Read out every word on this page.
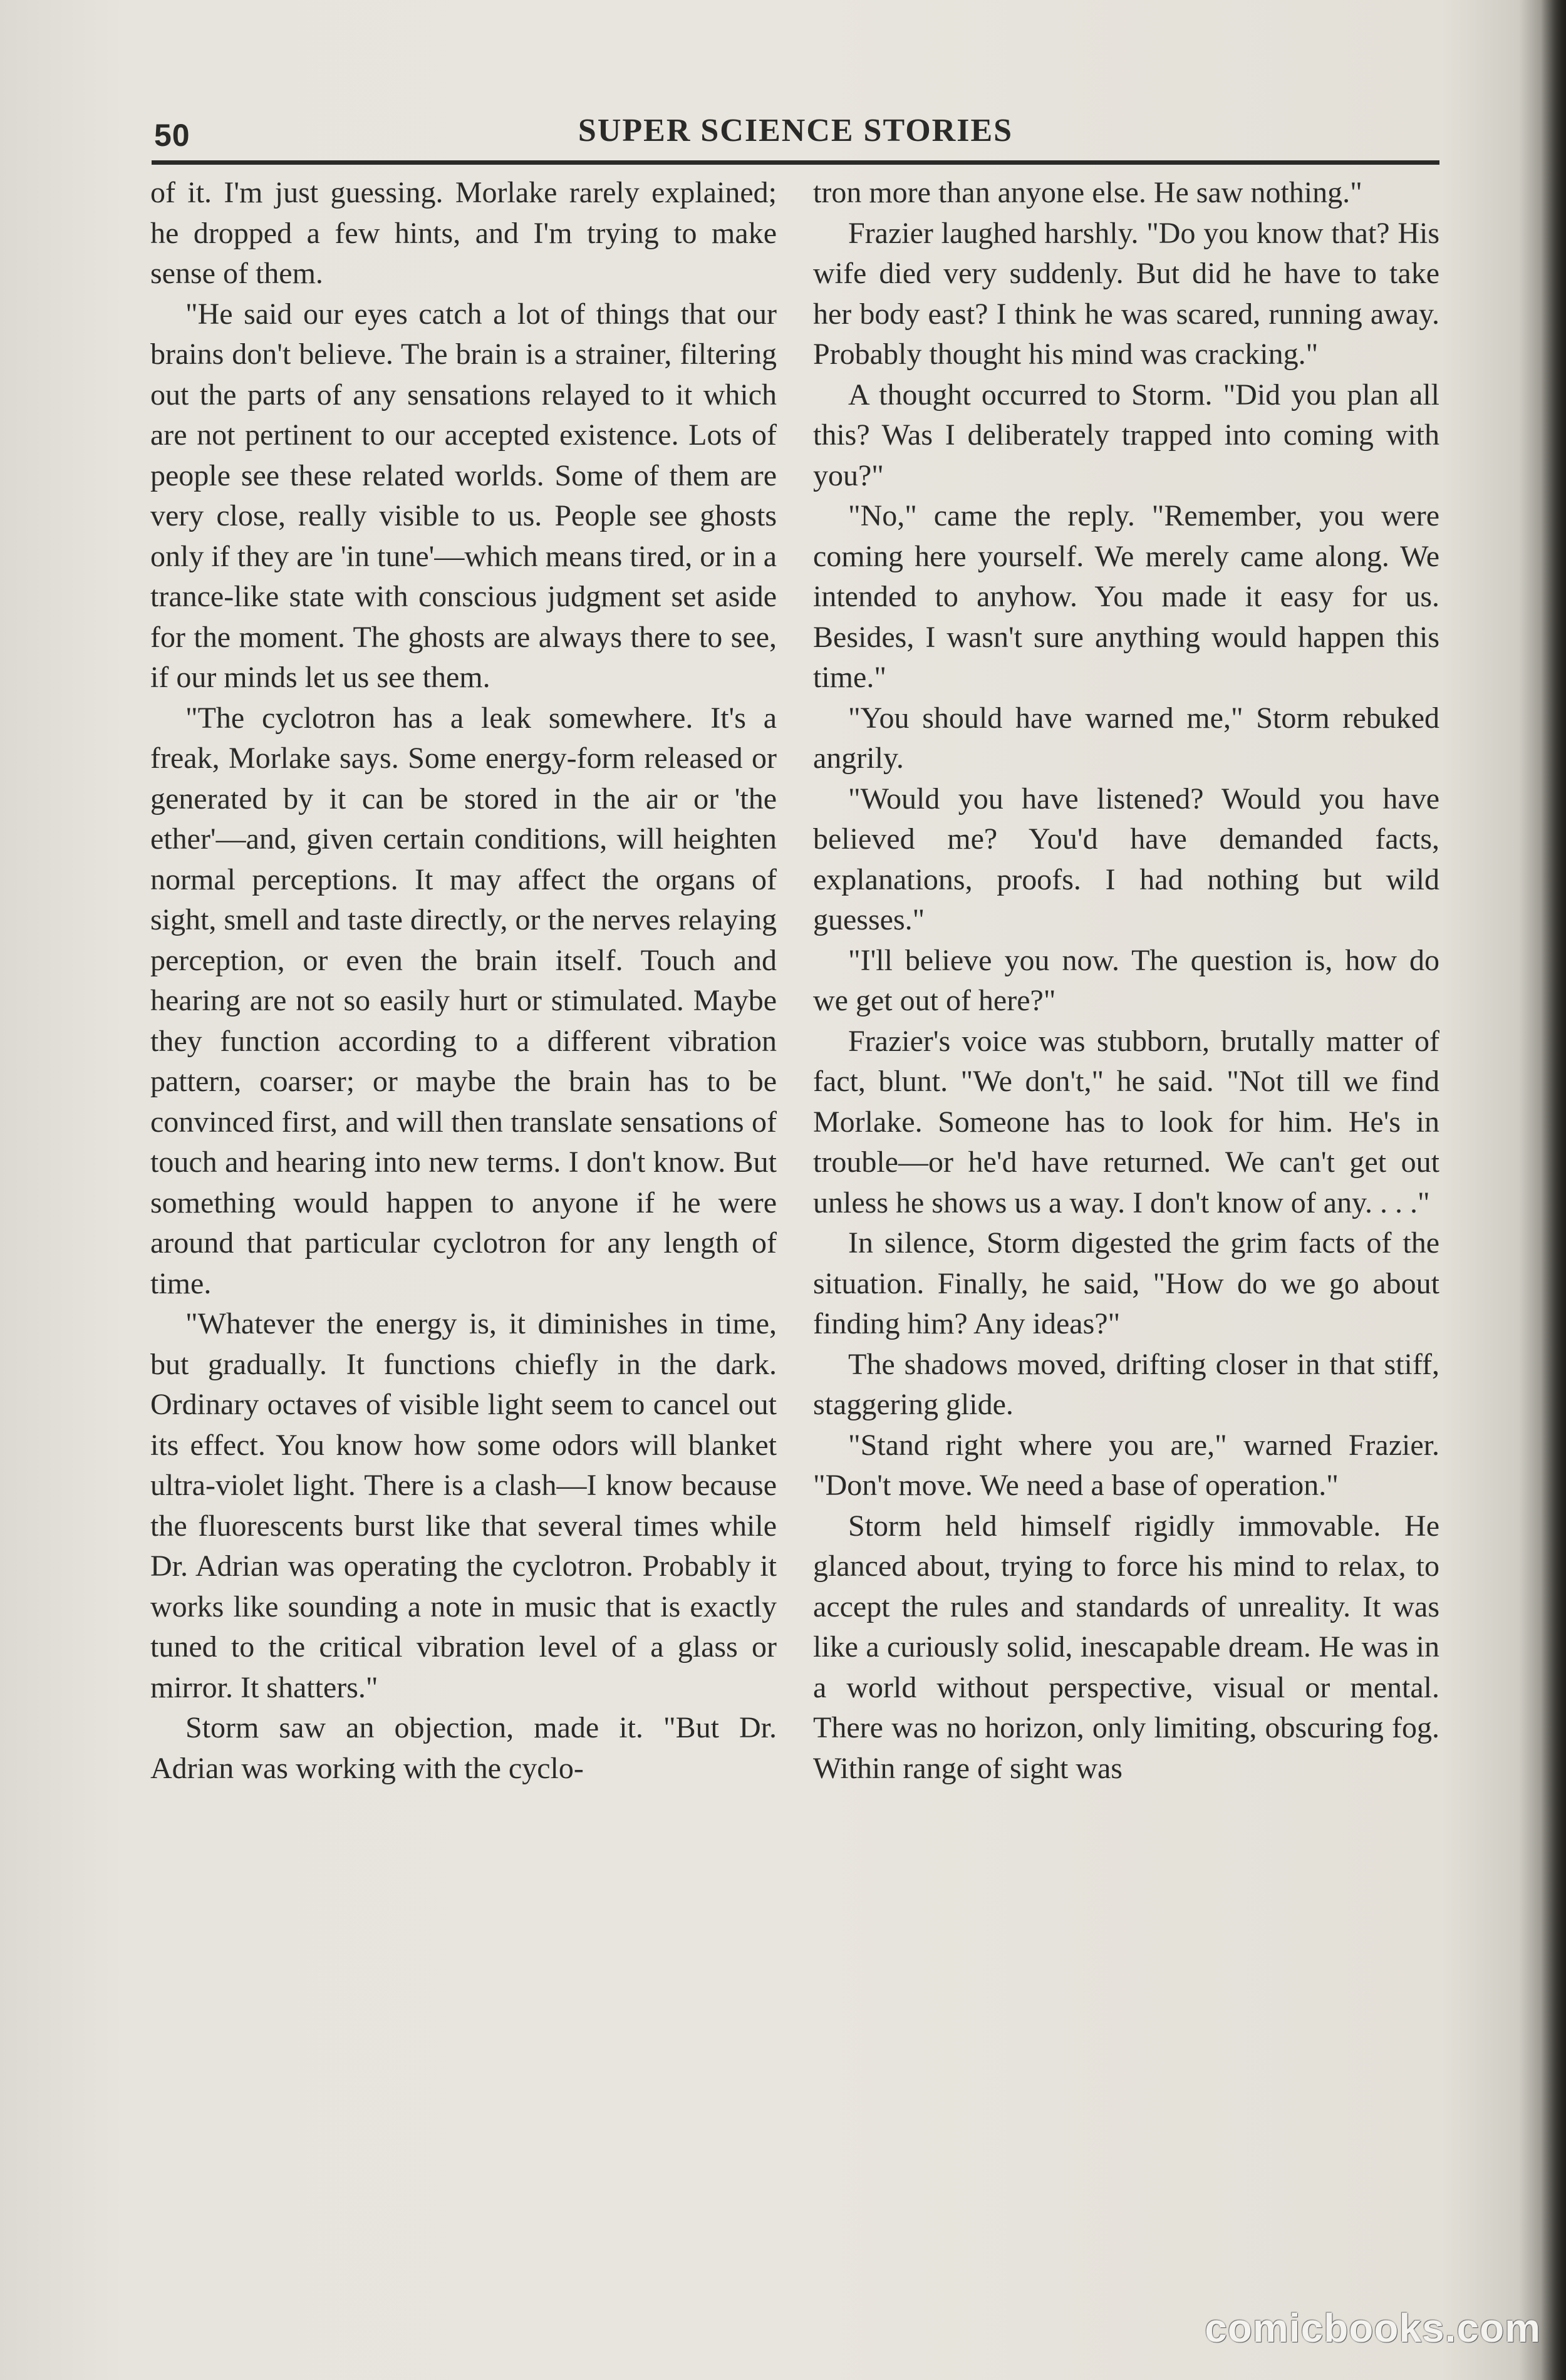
50	SUPER SCIENCE STORIES

of it. I'm just guessing. Morlake rarely explained; he dropped a few hints, and I'm trying to make sense of them.

"He said our eyes catch a lot of things that our brains don't believe. The brain is a strainer, filtering out the parts of any sensations relayed to it which are not pertinent to our accepted existence. Lots of people see these related worlds. Some of them are very close, really visible to us. People see ghosts only if they are 'in tune'—which means tired, or in a trance-like state with conscious judgment set aside for the moment. The ghosts are always there to see, if our minds let us see them.

"The cyclotron has a leak somewhere. It's a freak, Morlake says. Some energy-form released or generated by it can be stored in the air or 'the ether'—and, given certain conditions, will heighten normal perceptions. It may affect the organs of sight, smell and taste directly, or the nerves relaying perception, or even the brain itself. Touch and hearing are not so easily hurt or stimulated. Maybe they function according to a different vibration pattern, coarser; or maybe the brain has to be convinced first, and will then translate sensations of touch and hearing into new terms. I don't know. But something would happen to anyone if he were around that particular cyclotron for any length of time.

"Whatever the energy is, it diminishes in time, but gradually. It functions chiefly in the dark. Ordinary octaves of visible light seem to cancel out its effect. You know how some odors will blanket ultra-violet light. There is a clash—I know because the fluorescents burst like that several times while Dr. Adrian was operating the cyclotron. Probably it works like sounding a note in music that is exactly tuned to the critical vibration level of a glass or mirror. It shatters."

Storm saw an objection, made it. "But Dr. Adrian was working with the cyclo-

tron more than anyone else. He saw nothing."

Frazier laughed harshly. "Do you know that? His wife died very suddenly. But did he have to take her body east? I think he was scared, running away. Probably thought his mind was cracking."

A thought occurred to Storm. "Did you plan all this? Was I deliberately trapped into coming with you?"

"No," came the reply. "Remember, you were coming here yourself. We merely came along. We intended to anyhow. You made it easy for us. Besides, I wasn't sure anything would happen this time."

"You should have warned me," Storm rebuked angrily.

"Would you have listened? Would you have believed me? You'd have demanded facts, explanations, proofs. I had nothing but wild guesses."

"I'll believe you now. The question is, how do we get out of here?"

Frazier's voice was stubborn, brutally matter of fact, blunt. "We don't," he said. "Not till we find Morlake. Someone has to look for him. He's in trouble—or he'd have returned. We can't get out unless he shows us a way. I don't know of any. . . ."

In silence, Storm digested the grim facts of the situation. Finally, he said, "How do we go about finding him? Any ideas?"

The shadows moved, drifting closer in that stiff, staggering glide.

"Stand right where you are," warned Frazier. "Don't move. We need a base of operation."

Storm held himself rigidly immovable. He glanced about, trying to force his mind to relax, to accept the rules and standards of unreality. It was like a curiously solid, inescapable dream. He was in a world without perspective, visual or mental. There was no horizon, only limiting, obscuring fog. Within range of sight was

comicbooks.com
